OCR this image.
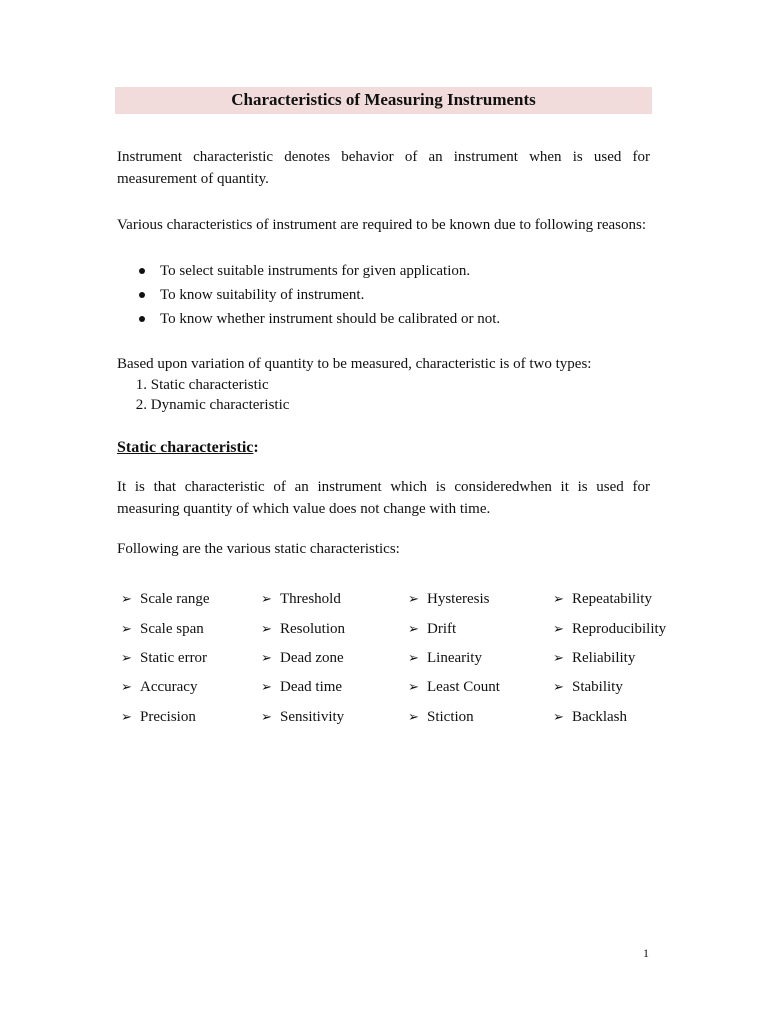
Characteristics of Measuring Instruments
Instrument characteristic denotes behavior of an instrument when is used for measurement of quantity.
Various characteristics of instrument are required to be known due to following reasons:
To select suitable instruments for given application.
To know suitability of instrument.
To know whether instrument should be calibrated or not.
Based upon variation of quantity to be measured, characteristic is of two types:
1. Static characteristic
2. Dynamic characteristic
Static characteristic:
It is that characteristic of an instrument which is consideredwhen it is used for measuring quantity of which value does not change with time.
Following are the various static characteristics:
➢ Scale range	➢ Threshold	➢ Hysteresis	➢ Repeatability
➢ Scale span	➢ Resolution	➢ Drift	➢ Reproducibility
➢ Static error	➢ Dead zone	➢ Linearity	➢ Reliability
➢ Accuracy	➢ Dead time	➢ Least Count	➢ Stability
➢ Precision	➢ Sensitivity	➢ Stiction	➢ Backlash
1
